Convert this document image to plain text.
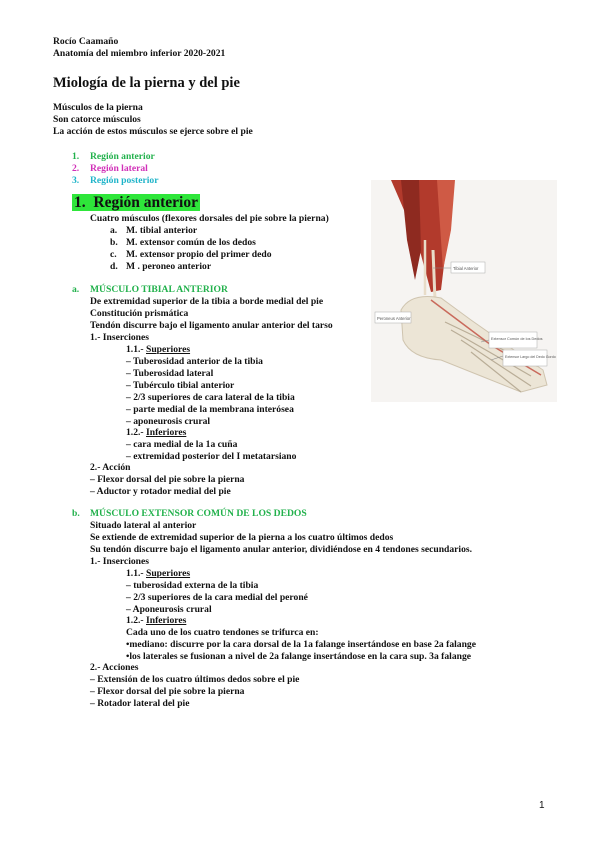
Rocío Caamaño
Anatomía del miembro inferior 2020-2021
Miología de la pierna y del pie
Músculos de la pierna
Son catorce músculos
La acción de estos músculos se ejerce sobre el pie
1. Región anterior
2. Región lateral
3. Región posterior
1. Región anterior
Cuatro músculos (flexores dorsales del pie sobre la pierna)
a. M. tibial anterior
b. M. extensor común de los dedos
c. M. extensor propio del primer dedo
d. M . peroneo anterior
a. MÚSCULO TIBIAL ANTERIOR
De extremidad superior de la tibia a borde medial del pie
Constitución prismática
Tendón discurre bajo el ligamento anular anterior del tarso
1.- Inserciones
1.1.- Superiores
– Tuberosidad anterior de la tibia
– Tuberosidad lateral
– Tubérculo tibial anterior
– 2/3 superiores de cara lateral de la tibia
– parte medial de la membrana interósea
– aponeurosis crural
1.2.- Inferiores
– cara medial de la 1a cuña
– extremidad posterior del I metatarsiano
2.- Acción
– Flexor dorsal del pie sobre la pierna
– Aductor y rotador medial del pie
b. MÚSCULO EXTENSOR COMÚN DE LOS DEDOS
Situado lateral al anterior
Se extiende de extremidad superior de la pierna a los cuatro últimos dedos
Su tendón discurre bajo el ligamento anular anterior, dividiéndose en 4 tendones secundarios.
1.- Inserciones
1.1.- Superiores
– tuberosidad externa de la tibia
– 2/3 superiores de la cara medial del peroné
– Aponeurosis crural
1.2.- Inferiores
Cada uno de los cuatro tendones se trifurca en:
•mediano: discurre por la cara dorsal de la 1a falange insertándose en base 2a falange
•los laterales se fusionan a nivel de 2a falange insertándose en la cara sup. 3a falange
2.- Acciones
– Extensión de los cuatro últimos dedos sobre el pie
– Flexor dorsal del pie sobre la pierna
– Rotador lateral del pie
Tibial Anterior
Peroneus Anterior
Extensor Común de los Dedos
Extensor Largo del Dedo Gordo
1
